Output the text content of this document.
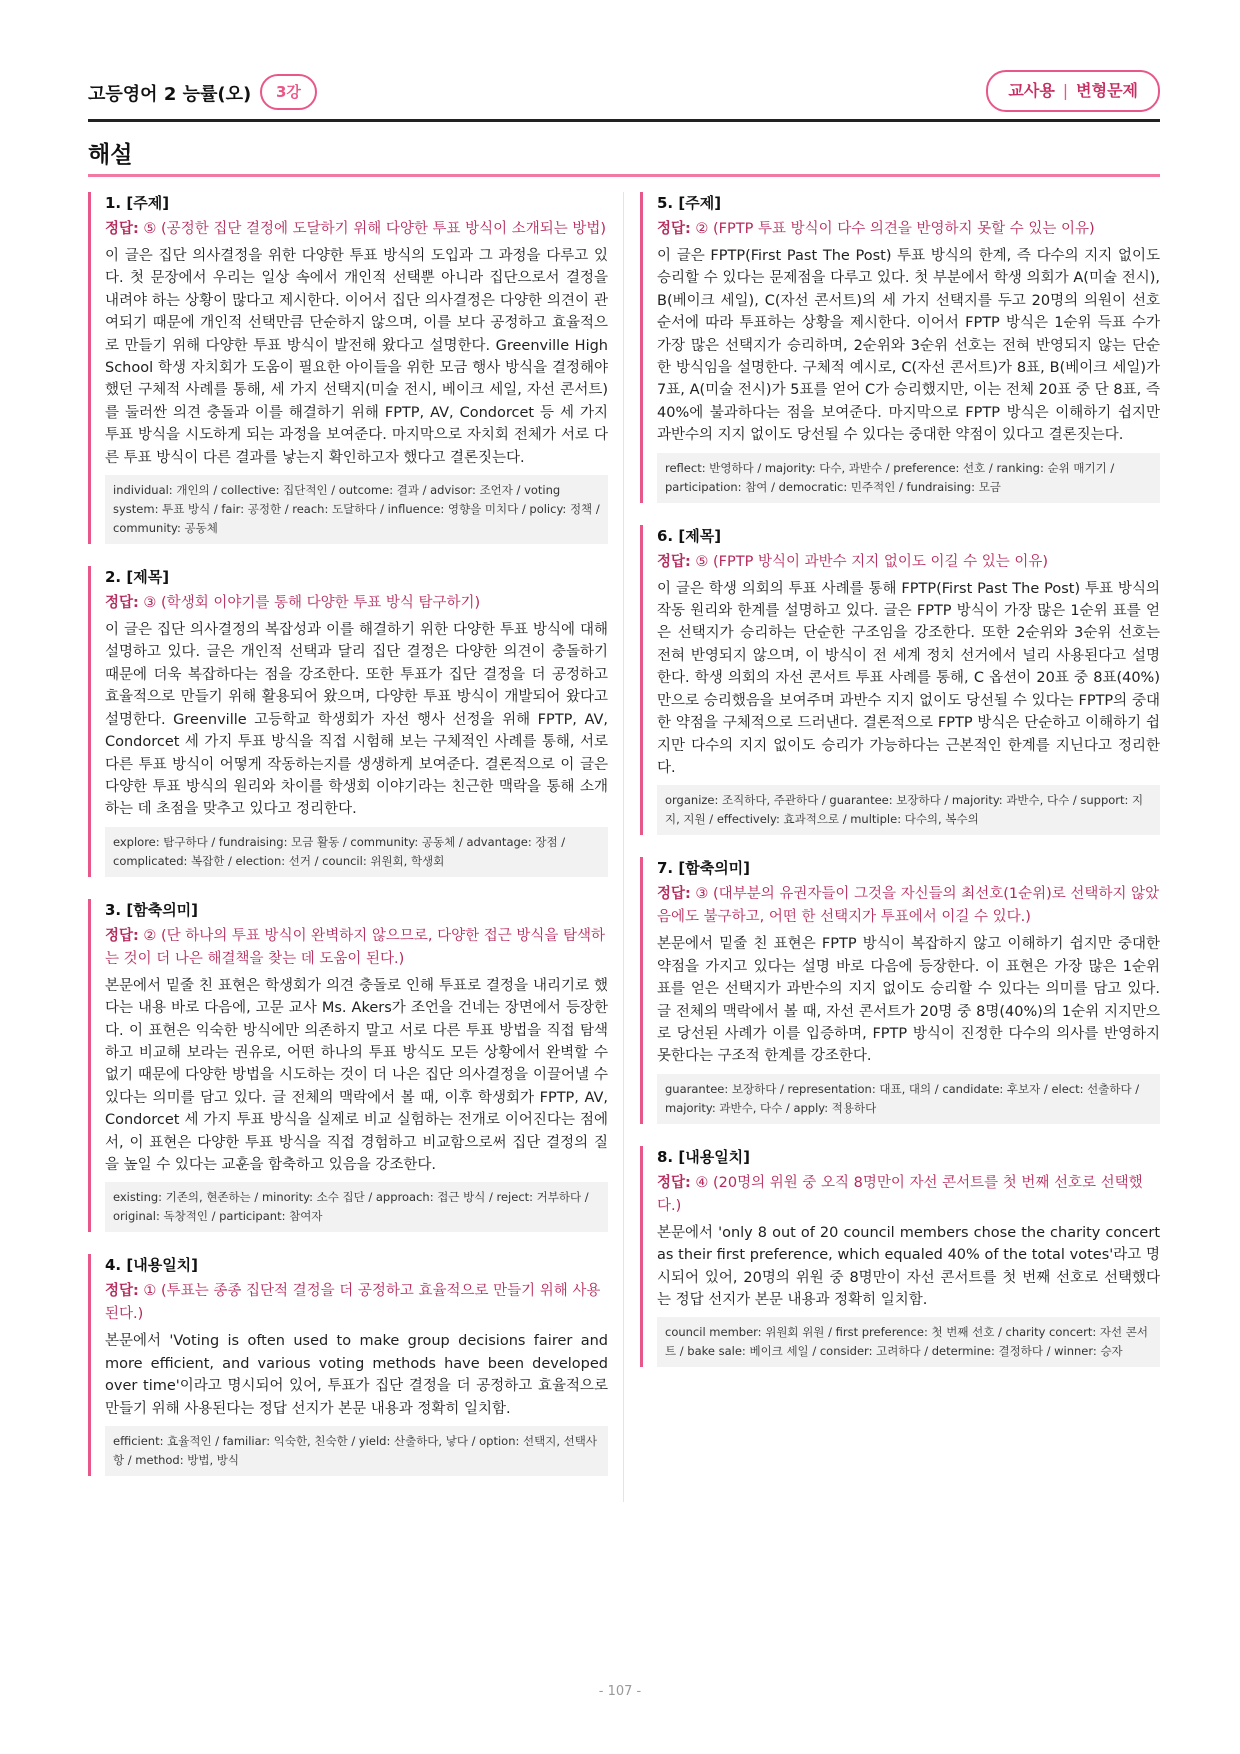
고등영어 2 능률(오)	3강	교사용 | 변형문제
해설
1. [주제]
정답: ⑤ (공정한 집단 결정에 도달하기 위해 다양한 투표 방식이 소개되는 방법)
이 글은 집단 의사결정을 위한 다양한 투표 방식의 도입과 그 과정을 다루고 있다. 첫 문장에서 우리는 일상 속에서 개인적 선택뿐 아니라 집단으로서 결정을 내려야 하는 상황이 많다고 제시한다. 이어서 집단 의사결정은 다양한 의견이 관여되기 때문에 개인적 선택만큼 단순하지 않으며, 이를 보다 공정하고 효율적으로 만들기 위해 다양한 투표 방식이 발전해 왔다고 설명한다. Greenville High School 학생 자치회가 도움이 필요한 아이들을 위한 모금 행사 방식을 결정해야 했던 구체적 사례를 통해, 세 가지 선택지(미술 전시, 베이크 세일, 자선 콘서트)를 둘러싼 의견 충돌과 이를 해결하기 위해 FPTP, AV, Condorcet 등 세 가지 투표 방식을 시도하게 되는 과정을 보여준다. 마지막으로 자치회 전체가 서로 다른 투표 방식이 다른 결과를 낳는지 확인하고자 했다고 결론짓는다.
individual: 개인의 / collective: 집단적인 / outcome: 결과 / advisor: 조언자 / voting system: 투표 방식 / fair: 공정한 / reach: 도달하다 / influence: 영향을 미치다 / policy: 정책 / community: 공동체
2. [제목]
정답: ③ (학생회 이야기를 통해 다양한 투표 방식 탐구하기)
이 글은 집단 의사결정의 복잡성과 이를 해결하기 위한 다양한 투표 방식에 대해 설명하고 있다. 글은 개인적 선택과 달리 집단 결정은 다양한 의견이 충돌하기 때문에 더욱 복잡하다는 점을 강조한다. 또한 투표가 집단 결정을 더 공정하고 효율적으로 만들기 위해 활용되어 왔으며, 다양한 투표 방식이 개발되어 왔다고 설명한다. Greenville 고등학교 학생회가 자선 행사 선정을 위해 FPTP, AV, Condorcet 세 가지 투표 방식을 직접 시험해 보는 구체적인 사례를 통해, 서로 다른 투표 방식이 어떻게 작동하는지를 생생하게 보여준다. 결론적으로 이 글은 다양한 투표 방식의 원리와 차이를 학생회 이야기라는 친근한 맥락을 통해 소개하는 데 초점을 맞추고 있다고 정리한다.
explore: 탐구하다 / fundraising: 모금 활동 / community: 공동체 / advantage: 장점 / complicated: 복잡한 / election: 선거 / council: 위원회, 학생회
3. [함축의미]
정답: ② (단 하나의 투표 방식이 완벽하지 않으므로, 다양한 접근 방식을 탐색하는 것이 더 나은 해결책을 찾는 데 도움이 된다.)
본문에서 밑줄 친 표현은 학생회가 의견 충돌로 인해 투표로 결정을 내리기로 했다는 내용 바로 다음에, 고문 교사 Ms. Akers가 조언을 건네는 장면에서 등장한다. 이 표현은 익숙한 방식에만 의존하지 말고 서로 다른 투표 방법을 직접 탐색하고 비교해 보라는 권유로, 어떤 하나의 투표 방식도 모든 상황에서 완벽할 수 없기 때문에 다양한 방법을 시도하는 것이 더 나은 집단 의사결정을 이끌어낼 수 있다는 의미를 담고 있다. 글 전체의 맥락에서 볼 때, 이후 학생회가 FPTP, AV, Condorcet 세 가지 투표 방식을 실제로 비교 실험하는 전개로 이어진다는 점에서, 이 표현은 다양한 투표 방식을 직접 경험하고 비교함으로써 집단 결정의 질을 높일 수 있다는 교훈을 함축하고 있음을 강조한다.
existing: 기존의, 현존하는 / minority: 소수 집단 / approach: 접근 방식 / reject: 거부하다 / original: 독창적인 / participant: 참여자
4. [내용일치]
정답: ① (투표는 종종 집단적 결정을 더 공정하고 효율적으로 만들기 위해 사용된다.)
본문에서 'Voting is often used to make group decisions fairer and more efficient, and various voting methods have been developed over time'이라고 명시되어 있어, 투표가 집단 결정을 더 공정하고 효율적으로 만들기 위해 사용된다는 정답 선지가 본문 내용과 정확히 일치함.
efficient: 효율적인 / familiar: 익숙한, 친숙한 / yield: 산출하다, 낳다 / option: 선택지, 선택사항 / method: 방법, 방식
5. [주제]
정답: ② (FPTP 투표 방식이 다수 의견을 반영하지 못할 수 있는 이유)
이 글은 FPTP(First Past The Post) 투표 방식의 한계, 즉 다수의 지지 없이도 승리할 수 있다는 문제점을 다루고 있다. 첫 부분에서 학생 의회가 A(미술 전시), B(베이크 세일), C(자선 콘서트)의 세 가지 선택지를 두고 20명의 의원이 선호 순서에 따라 투표하는 상황을 제시한다. 이어서 FPTP 방식은 1순위 득표 수가 가장 많은 선택지가 승리하며, 2순위와 3순위 선호는 전혀 반영되지 않는 단순한 방식임을 설명한다. 구체적 예시로, C(자선 콘서트)가 8표, B(베이크 세일)가 7표, A(미술 전시)가 5표를 얻어 C가 승리했지만, 이는 전체 20표 중 단 8표, 즉 40%에 불과하다는 점을 보여준다. 마지막으로 FPTP 방식은 이해하기 쉽지만 과반수의 지지 없이도 당선될 수 있다는 중대한 약점이 있다고 결론짓는다.
reflect: 반영하다 / majority: 다수, 과반수 / preference: 선호 / ranking: 순위 매기기 / participation: 참여 / democratic: 민주적인 / fundraising: 모금
6. [제목]
정답: ⑤ (FPTP 방식이 과반수 지지 없이도 이길 수 있는 이유)
이 글은 학생 의회의 투표 사례를 통해 FPTP(First Past The Post) 투표 방식의 작동 원리와 한계를 설명하고 있다. 글은 FPTP 방식이 가장 많은 1순위 표를 얻은 선택지가 승리하는 단순한 구조임을 강조한다. 또한 2순위와 3순위 선호는 전혀 반영되지 않으며, 이 방식이 전 세계 정치 선거에서 널리 사용된다고 설명한다. 학생 의회의 자선 콘서트 투표 사례를 통해, C 옵션이 20표 중 8표(40%)만으로 승리했음을 보여주며 과반수 지지 없이도 당선될 수 있다는 FPTP의 중대한 약점을 구체적으로 드러낸다. 결론적으로 FPTP 방식은 단순하고 이해하기 쉽지만 다수의 지지 없이도 승리가 가능하다는 근본적인 한계를 지닌다고 정리한다.
organize: 조직하다, 주관하다 / guarantee: 보장하다 / majority: 과반수, 다수 / support: 지지, 지원 / effectively: 효과적으로 / multiple: 다수의, 복수의
7. [함축의미]
정답: ③ (대부분의 유권자들이 그것을 자신들의 최선호(1순위)로 선택하지 않았음에도 불구하고, 어떤 한 선택지가 투표에서 이길 수 있다.)
본문에서 밑줄 친 표현은 FPTP 방식이 복잡하지 않고 이해하기 쉽지만 중대한 약점을 가지고 있다는 설명 바로 다음에 등장한다. 이 표현은 가장 많은 1순위 표를 얻은 선택지가 과반수의 지지 없이도 승리할 수 있다는 의미를 담고 있다. 글 전체의 맥락에서 볼 때, 자선 콘서트가 20명 중 8명(40%)의 1순위 지지만으로 당선된 사례가 이를 입증하며, FPTP 방식이 진정한 다수의 의사를 반영하지 못한다는 구조적 한계를 강조한다.
guarantee: 보장하다 / representation: 대표, 대의 / candidate: 후보자 / elect: 선출하다 / majority: 과반수, 다수 / apply: 적용하다
8. [내용일치]
정답: ④ (20명의 위원 중 오직 8명만이 자선 콘서트를 첫 번째 선호로 선택했다.)
본문에서 'only 8 out of 20 council members chose the charity concert as their first preference, which equaled 40% of the total votes'라고 명시되어 있어, 20명의 위원 중 8명만이 자선 콘서트를 첫 번째 선호로 선택했다는 정답 선지가 본문 내용과 정확히 일치함.
council member: 위원회 위원 / first preference: 첫 번째 선호 / charity concert: 자선 콘서트 / bake sale: 베이크 세일 / consider: 고려하다 / determine: 결정하다 / winner: 승자
- 107 -
